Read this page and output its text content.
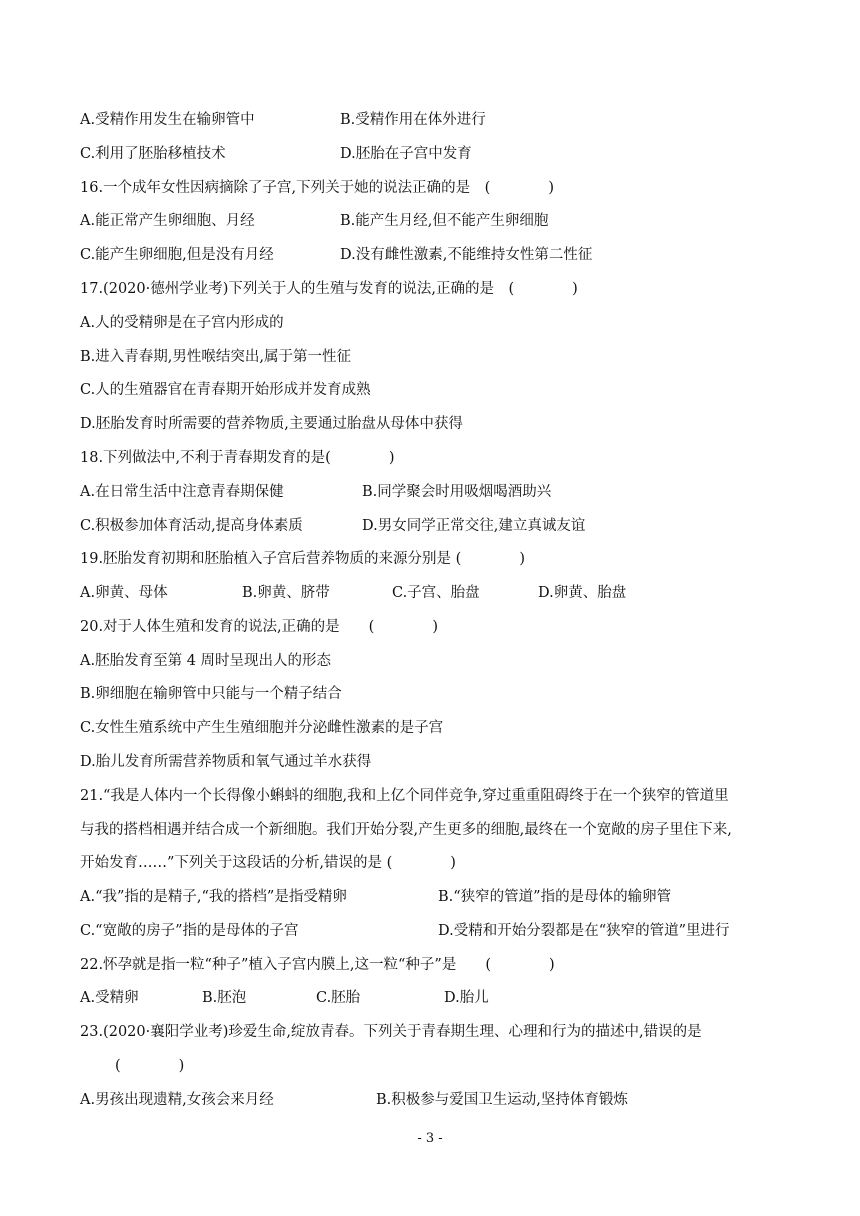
A.受精作用发生在输卵管中	B.受精作用在体外进行
C.利用了胚胎移植技术	D.胚胎在子宫中发育
16.一个成年女性因病摘除了子宫,下列关于她的说法正确的是　(　　　　)
A.能正常产生卵细胞、月经	B.能产生月经,但不能产生卵细胞
C.能产生卵细胞,但是没有月经	D.没有雌性激素,不能维持女性第二性征
17.(2020·德州学业考)下列关于人的生殖与发育的说法,正确的是　(　　　　)
A.人的受精卵是在子宫内形成的
B.进入青春期,男性喉结突出,属于第一性征
C.人的生殖器官在青春期开始形成并发育成熟
D.胚胎发育时所需要的营养物质,主要通过胎盘从母体中获得
18.下列做法中,不利于青春期发育的是(　　　　)
A.在日常生活中注意青春期保健	B.同学聚会时用吸烟喝酒助兴
C.积极参加体育活动,提高身体素质	D.男女同学正常交往,建立真诚友谊
19.胚胎发育初期和胚胎植入子宫后营养物质的来源分别是 (　　　　)
A.卵黄、母体	B.卵黄、脐带	C.子宫、胎盘	D.卵黄、胎盘
20.对于人体生殖和发育的说法,正确的是　　(　　　　)
A.胚胎发育至第 4 周时呈现出人的形态
B.卵细胞在输卵管中只能与一个精子结合
C.女性生殖系统中产生生殖细胞并分泌雌性激素的是子宫
D.胎儿发育所需营养物质和氧气通过羊水获得
21.“我是人体内一个长得像小蝌蚪的细胞,我和上亿个同伴竞争,穿过重重阻碍终于在一个狭窄的管道里
与我的搭档相遇并结合成一个新细胞。我们开始分裂,产生更多的细胞,最终在一个宽敞的房子里住下来,
开始发育……”下列关于这段话的分析,错误的是 (　　　　)
A.“我”指的是精子,“我的搭档”是指受精卵	B.“狭窄的管道”指的是母体的输卵管
C.“宽敞的房子”指的是母体的子宫	D.受精和开始分裂都是在“狭窄的管道”里进行
22.怀孕就是指一粒“种子”植入子宫内膜上,这一粒“种子”是　　(　　　　)
A.受精卵	B.胚泡	C.胚胎	D.胎儿
23.(2020·襄阳学业考)珍爱生命,绽放青春。下列关于青春期生理、心理和行为的描述中,错误的是
(　　　　)
A.男孩出现遗精,女孩会来月经	B.积极参与爱国卫生运动,坚持体育锻炼
- 3 -
